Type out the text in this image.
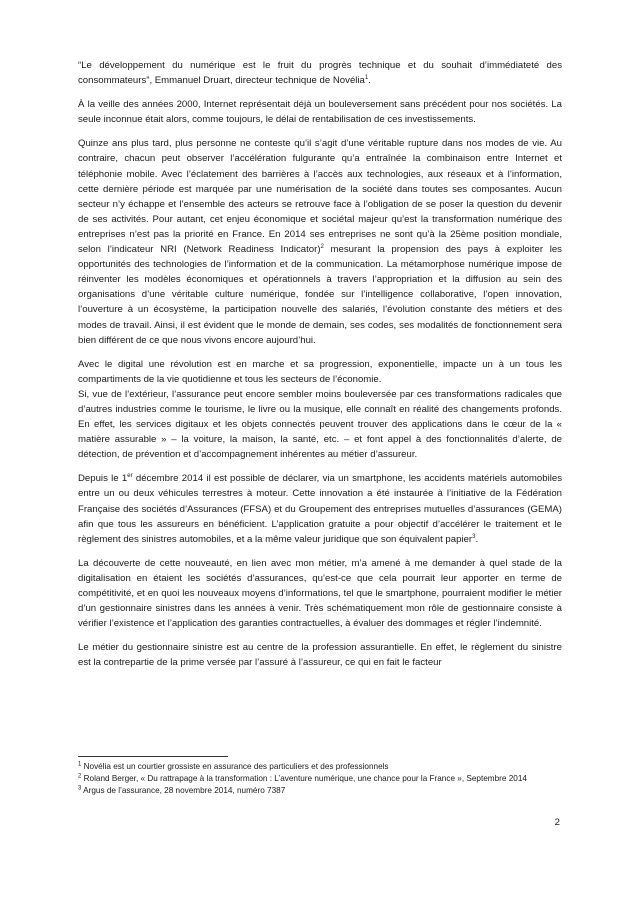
“Le développement du numérique est le fruit du progrès technique et du souhait d’immédiateté des consommateurs”, Emmanuel Druart, directeur technique de Novélia$^1$.

À la veille des années 2000, Internet représentait déjà un bouleversement sans précédent pour nos sociétés. La seule inconnue était alors, comme toujours, le délai de rentabilisation de ces investissements.

Quinze ans plus tard, plus personne ne conteste qu’il s’agit d’une véritable rupture dans nos modes de vie. Au contraire, chacun peut observer l’accélération fulgurante qu’a entraînée la combinaison entre Internet et téléphonie mobile. Avec l’éclatement des barrières à l’accès aux technologies, aux réseaux et à l’information, cette dernière période est marquée par une numérisation de la société dans toutes ses composantes. Aucun secteur n’y échappe et l’ensemble des acteurs se retrouve face à l’obligation de se poser la question du devenir de ses activités. Pour autant, cet enjeu économique et sociétal majeur qu’est la transformation numérique des entreprises n’est pas la priorité en France. En 2014 ses entreprises ne sont qu’à la 25ème position mondiale, selon l’indicateur NRI (Network Readiness Indicator)$^2$ mesurant la propension des pays à exploiter les opportunités des technologies de l’information et de la communication. La métamorphose numérique impose de réinventer les modèles économiques et opérationnels à travers l’appropriation et la diffusion au sein des organisations d’une véritable culture numérique, fondée sur l’intelligence collaborative, l’open innovation, l’ouverture à un écosystème, la participation nouvelle des salariés, l’évolution constante des métiers et des modes de travail. Ainsi, il est évident que le monde de demain, ses codes, ses modalités de fonctionnement sera bien différent de ce que nous vivons encore aujourd’hui.

Avec le digital une révolution est en marche et sa progression, exponentielle, impacte un à un tous les compartiments de la vie quotidienne et tous les secteurs de l’économie.
Si, vue de l’extérieur, l’assurance peut encore sembler moins bouleversée par ces transformations radicales que d’autres industries comme le tourisme, le livre ou la musique, elle connaît en réalité des changements profonds. En effet, les services digitaux et les objets connectés peuvent trouver des applications dans le cœur de la « matière assurable » – la voiture, la maison, la santé, etc. – et font appel à des fonctionnalités d’alerte, de détection, de prévention et d’accompagnement inhérentes au métier d’assureur.

Depuis le 1er décembre 2014 il est possible de déclarer, via un smartphone, les accidents matériels automobiles entre un ou deux véhicules terrestres à moteur. Cette innovation a été instaurée à l’initiative de la Fédération Française des sociétés d’Assurances (FFSA) et du Groupement des entreprises mutuelles d’assurances (GEMA) afin que tous les assureurs en bénéficient. L’application gratuite a pour objectif d’accélérer le traitement et le règlement des sinistres automobiles, et a la même valeur juridique que son équivalent papier$^3$.

La découverte de cette nouveauté, en lien avec mon métier, m’a amené à me demander à quel stade de la digitalisation en étaient les sociétés d’assurances, qu’est-ce que cela pourrait leur apporter en terme de compétitivité, et en quoi les nouveaux moyens d’informations, tel que le smartphone, pourraient modifier le métier d’un gestionnaire sinistres dans les années à venir. Très schématiquement mon rôle de gestionnaire consiste à vérifier l’existence et l’application des garanties contractuelles, à évaluer des dommages et régler l’indemnité.

Le métier du gestionnaire sinistre est au centre de la profession assurantielle. En effet, le règlement du sinistre est la contrepartie de la prime versée par l’assuré à l’assureur, ce qui en fait le facteur

$^1$ Novélia est un courtier grossiste en assurance des particuliers et des professionnels

$^2$ Roland Berger, « Du rattrapage à la transformation : L’aventure numérique, une chance pour la France », Septembre 2014

$^3$ Argus de l’assurance, 28 novembre 2014, numéro 7387

2
